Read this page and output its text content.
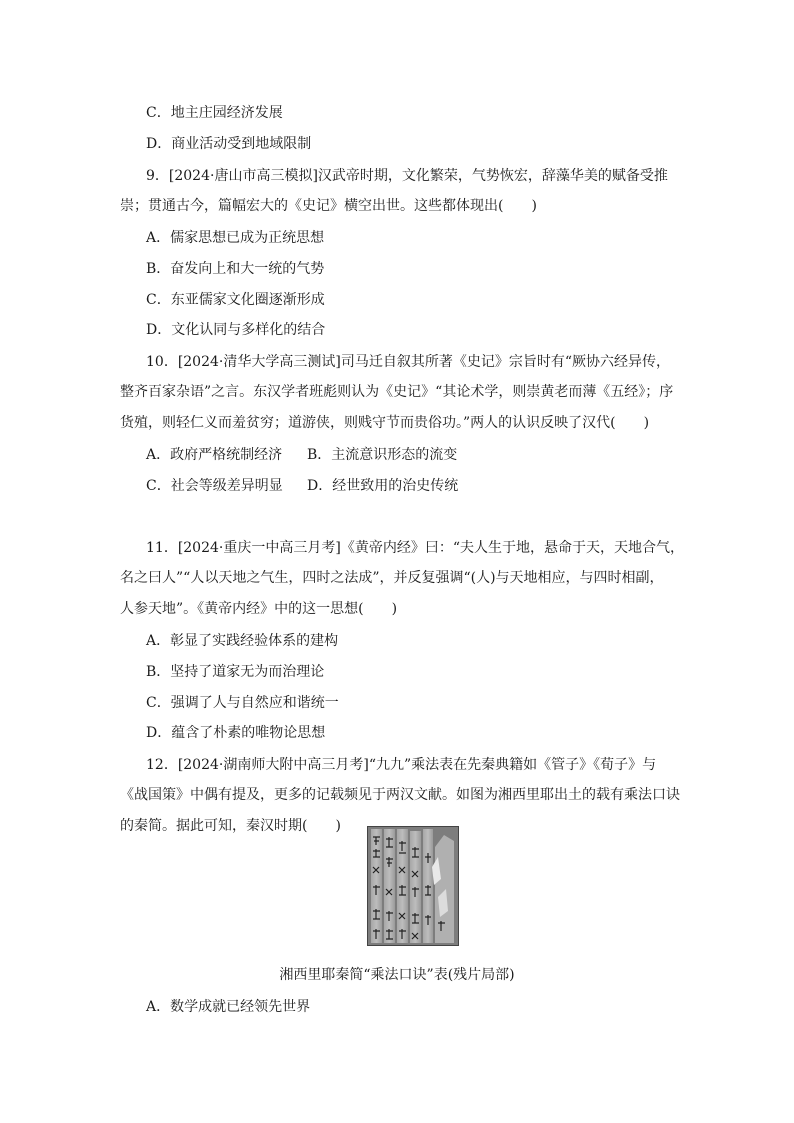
C．地主庄园经济发展
D．商业活动受到地域限制
9．[2024·唐山市高三模拟]汉武帝时期，文化繁荣，气势恢宏，辞藻华美的赋备受推
崇；贯通古今，篇幅宏大的《史记》横空出世。这些都体现出(　　)
A．儒家思想已成为正统思想
B．奋发向上和大一统的气势
C．东亚儒家文化圈逐渐形成
D．文化认同与多样化的结合
10．[2024·清华大学高三测试]司马迁自叙其所著《史记》宗旨时有“厥协六经异传，
整齐百家杂语”之言。东汉学者班彪则认为《史记》“其论术学，则崇黄老而薄《五经》；序
货殖，则轻仁义而羞贫穷；道游侠，则贱守节而贵俗功。”两人的认识反映了汉代(　　)
A．政府严格统制经济 B．主流意识形态的流变
C．社会等级差异明显 D．经世致用的治史传统
11．[2024·重庆一中高三月考]《黄帝内经》曰：“夫人生于地，悬命于天，天地合气，
名之曰人”“人以天地之气生，四时之法成”，并反复强调“(人)与天地相应，与四时相副，
人参天地”。《黄帝内经》中的这一思想(　　)
A．彰显了实践经验体系的建构
B．坚持了道家无为而治理论
C．强调了人与自然应和谐统一
D．蕴含了朴素的唯物论思想
12．[2024·湖南师大附中高三月考]“九九”乘法表在先秦典籍如《管子》《荀子》与
《战国策》中偶有提及，更多的记载频见于两汉文献。如图为湘西里耶出土的载有乘法口诀
的秦简。据此可知，秦汉时期(　　)
湘西里耶秦简“乘法口诀”表(残片局部)
A．数学成就已经领先世界
